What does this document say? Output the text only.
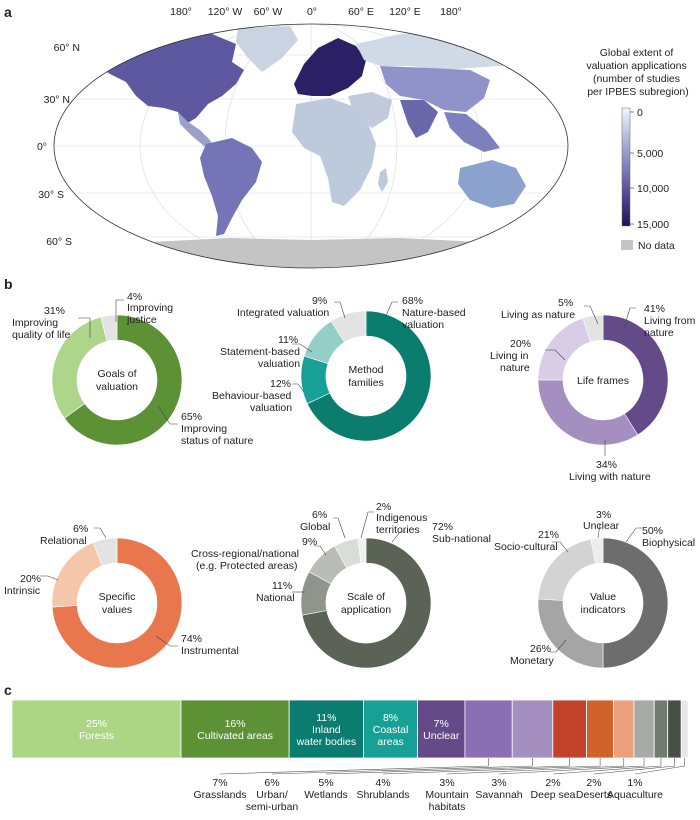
a
b
c
180° 120° W 60° W 0°	60° E 120° E 180°
60° N
30° N
0°
30° S
60° S
Global extent of valuation applications (number of studies per IPBES subregion)
0
5,000
10,000
15,000
No data
Goals of valuation
31% Improving quality of life
4% Improving justice
65% Improving status of nature
Method families
9% Integrated valuation
68% Nature-based valuation
11% Statement-based valuation
12% Behaviour-based valuation
Life frames
5% Living as nature	41% Living from nature
20% Living in nature
34% Living with nature
Specific values
6% Relational
20% Intrinsic
74% Instrumental
Scale of application
6% Global
2% Indigenous territories
9% Cross-regional/national (e.g. Protected areas)
11% National
72% Sub-national
Value indicators
3% Unclear
21% Socio-cultural
50% Biophysical
26% Monetary
25% Forests
16% Cultivated areas
11% Inland water bodies
8% Coastal areas
7% Unclear
7% Grasslands
6% Urban/ semi-urban
5% Wetlands
4% Shrublands
3% Mountain habitats
3% Savannah
2% Deep sea
2% Deserts
1% Aquaculture
